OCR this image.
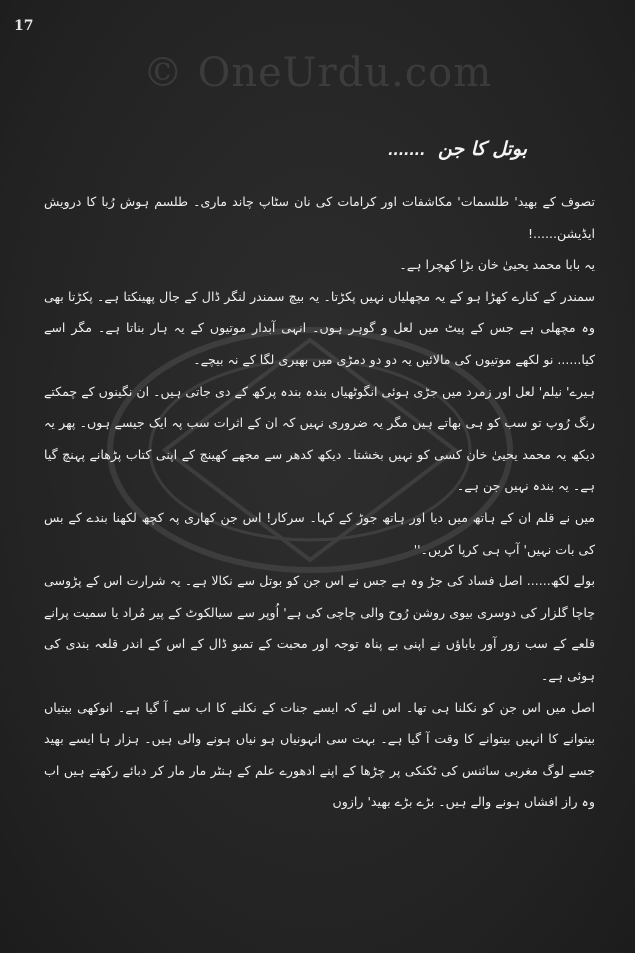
17
© OneUrdu.com
بوتل کا جن .......

تصوف کے بھید' طلسمات' مکاشفات اور کرامات کی نان سٹاپ چاند ماری۔ طلسم ہوش رُبا کا درویش ایڈیشن......!

یہ بابا محمد یحییٰ خان بڑا کھچرا ہے۔

سمندر کے کنارے کھڑا ہو کے یہ مچھلیاں نہیں پکڑتا۔ یہ بیچ سمندر لنگر ڈال کے جال پھینکتا ہے۔ پکڑتا بھی وہ مچھلی ہے جس کے پیٹ میں لعل و گوہر ہوں۔ انہی آبدار موتیوں کے یہ ہار بناتا ہے۔ مگر اسے کیا...... نو لکھے موتیوں کی مالائیں یہ دو دو دمڑی میں بھیری لگا کے نہ بیچے۔

ہیرے' نیلم' لعل اور زمرد میں جڑی ہوئی انگوٹھیاں بندہ بندہ پرکھ کے دی جاتی ہیں۔ ان نگینوں کے چمکتے رنگ رُوپ تو سب کو ہی بھاتے ہیں مگر یہ ضروری نہیں کہ ان کے اثرات سب پہ ایک جیسے ہوں۔ پھر یہ دیکھ یہ محمد یحییٰ خان کسی کو نہیں بخشتا۔ دیکھ کدھر سے مجھے کھینچ کے اپنی کتاب پڑھانے پہنچ گیا ہے۔ یہ بندہ نہیں جن ہے۔

میں نے قلم ان کے ہاتھ میں دیا اور ہاتھ جوڑ کے کہا۔ سرکار! اس جن کھاری پہ کچھ لکھنا بندے کے بس کی بات نہیں' آپ ہی کرپا کریں۔''

بولے لکھ...... اصل فساد کی جڑ وہ ہے جس نے اس جن کو بوتل سے نکالا ہے۔ یہ شرارت اس کے پڑوسی چاچا گلزار کی دوسری بیوی روشن رُوح والی چاچی کی ہے' اُوپر سے سیالکوٹ کے پیر مُراد یا سمیت پرانے قلعے کے سب زور آور باباؤں نے اپنی بے پناہ توجہ اور محبت کے تمبو ڈال کے اس کے اندر قلعہ بندی کی ہوئی ہے۔

اصل میں اس جن کو نکلنا ہی تھا۔ اس لئے کہ ایسے جنات کے نکلنے کا اب سے آ گیا ہے۔ انوکھی بیتیاں بیتوانے کا انہیں بیتوانے کا وقت آ گیا ہے۔ بہت سی انہونیاں ہو نیاں ہونے والی ہیں۔ ہزار ہا ایسے بھید جسے لوگ مغربی سائنس کی ٹکنکی پر چڑھا کے اپنے ادھورے علم کے ہنٹر مار مار کر دبائے رکھتے ہیں اب وہ راز افشاں ہونے والے ہیں۔ بڑے بڑے بھید' رازوں
